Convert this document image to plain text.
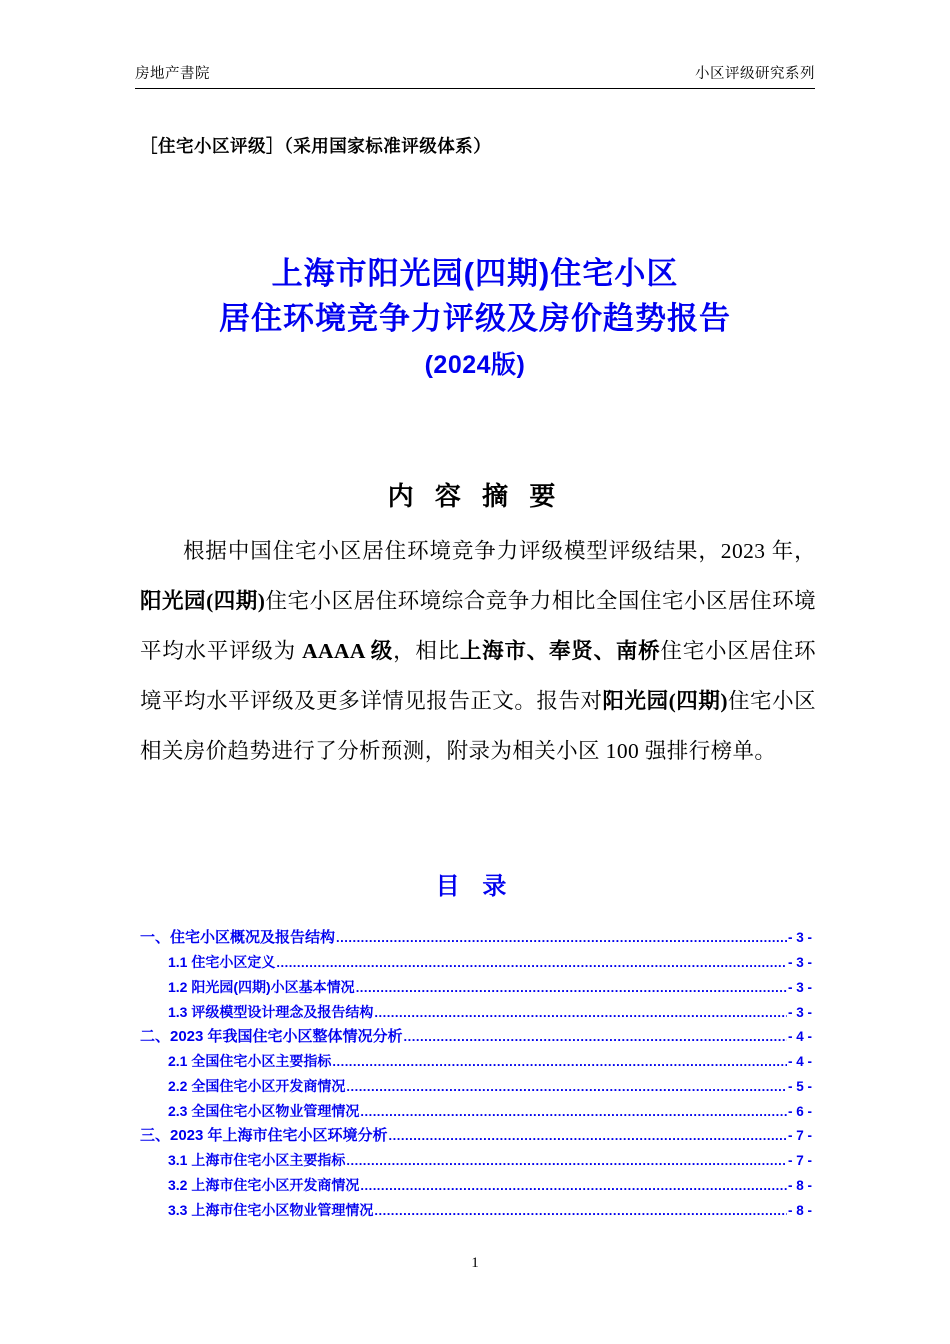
房地产書院	小区评级研究系列
［住宅小区评级］（采用国家标准评级体系）
上海市阳光园(四期)住宅小区
居住环境竞争力评级及房价趋势报告
(2024版)
内 容 摘 要
根据中国住宅小区居住环境竞争力评级模型评级结果，2023 年，阳光园(四期)住宅小区居住环境综合竞争力相比全国住宅小区居住环境平均水平评级为 AAAA 级，相比上海市、奉贤、南桥住宅小区居住环境平均水平评级及更多详情见报告正文。报告对阳光园(四期)住宅小区相关房价趋势进行了分析预测，附录为相关小区 100 强排行榜单。
目 录
一、住宅小区概况及报告结构 .....	- 3 -
1.1 住宅小区定义 .....	- 3 -
1.2 阳光园(四期)小区基本情况 .....	- 3 -
1.3 评级模型设计理念及报告结构 .....	- 3 -
二、2023 年我国住宅小区整体情况分析 .....	- 4 -
2.1 全国住宅小区主要指标 .....	- 4 -
2.2 全国住宅小区开发商情况 .....	- 5 -
2.3 全国住宅小区物业管理情况 .....	- 6 -
三、2023 年上海市住宅小区环境分析 .....	- 7 -
3.1 上海市住宅小区主要指标 .....	- 7 -
3.2 上海市住宅小区开发商情况 .....	- 8 -
3.3 上海市住宅小区物业管理情况 .....	- 8 -
1
